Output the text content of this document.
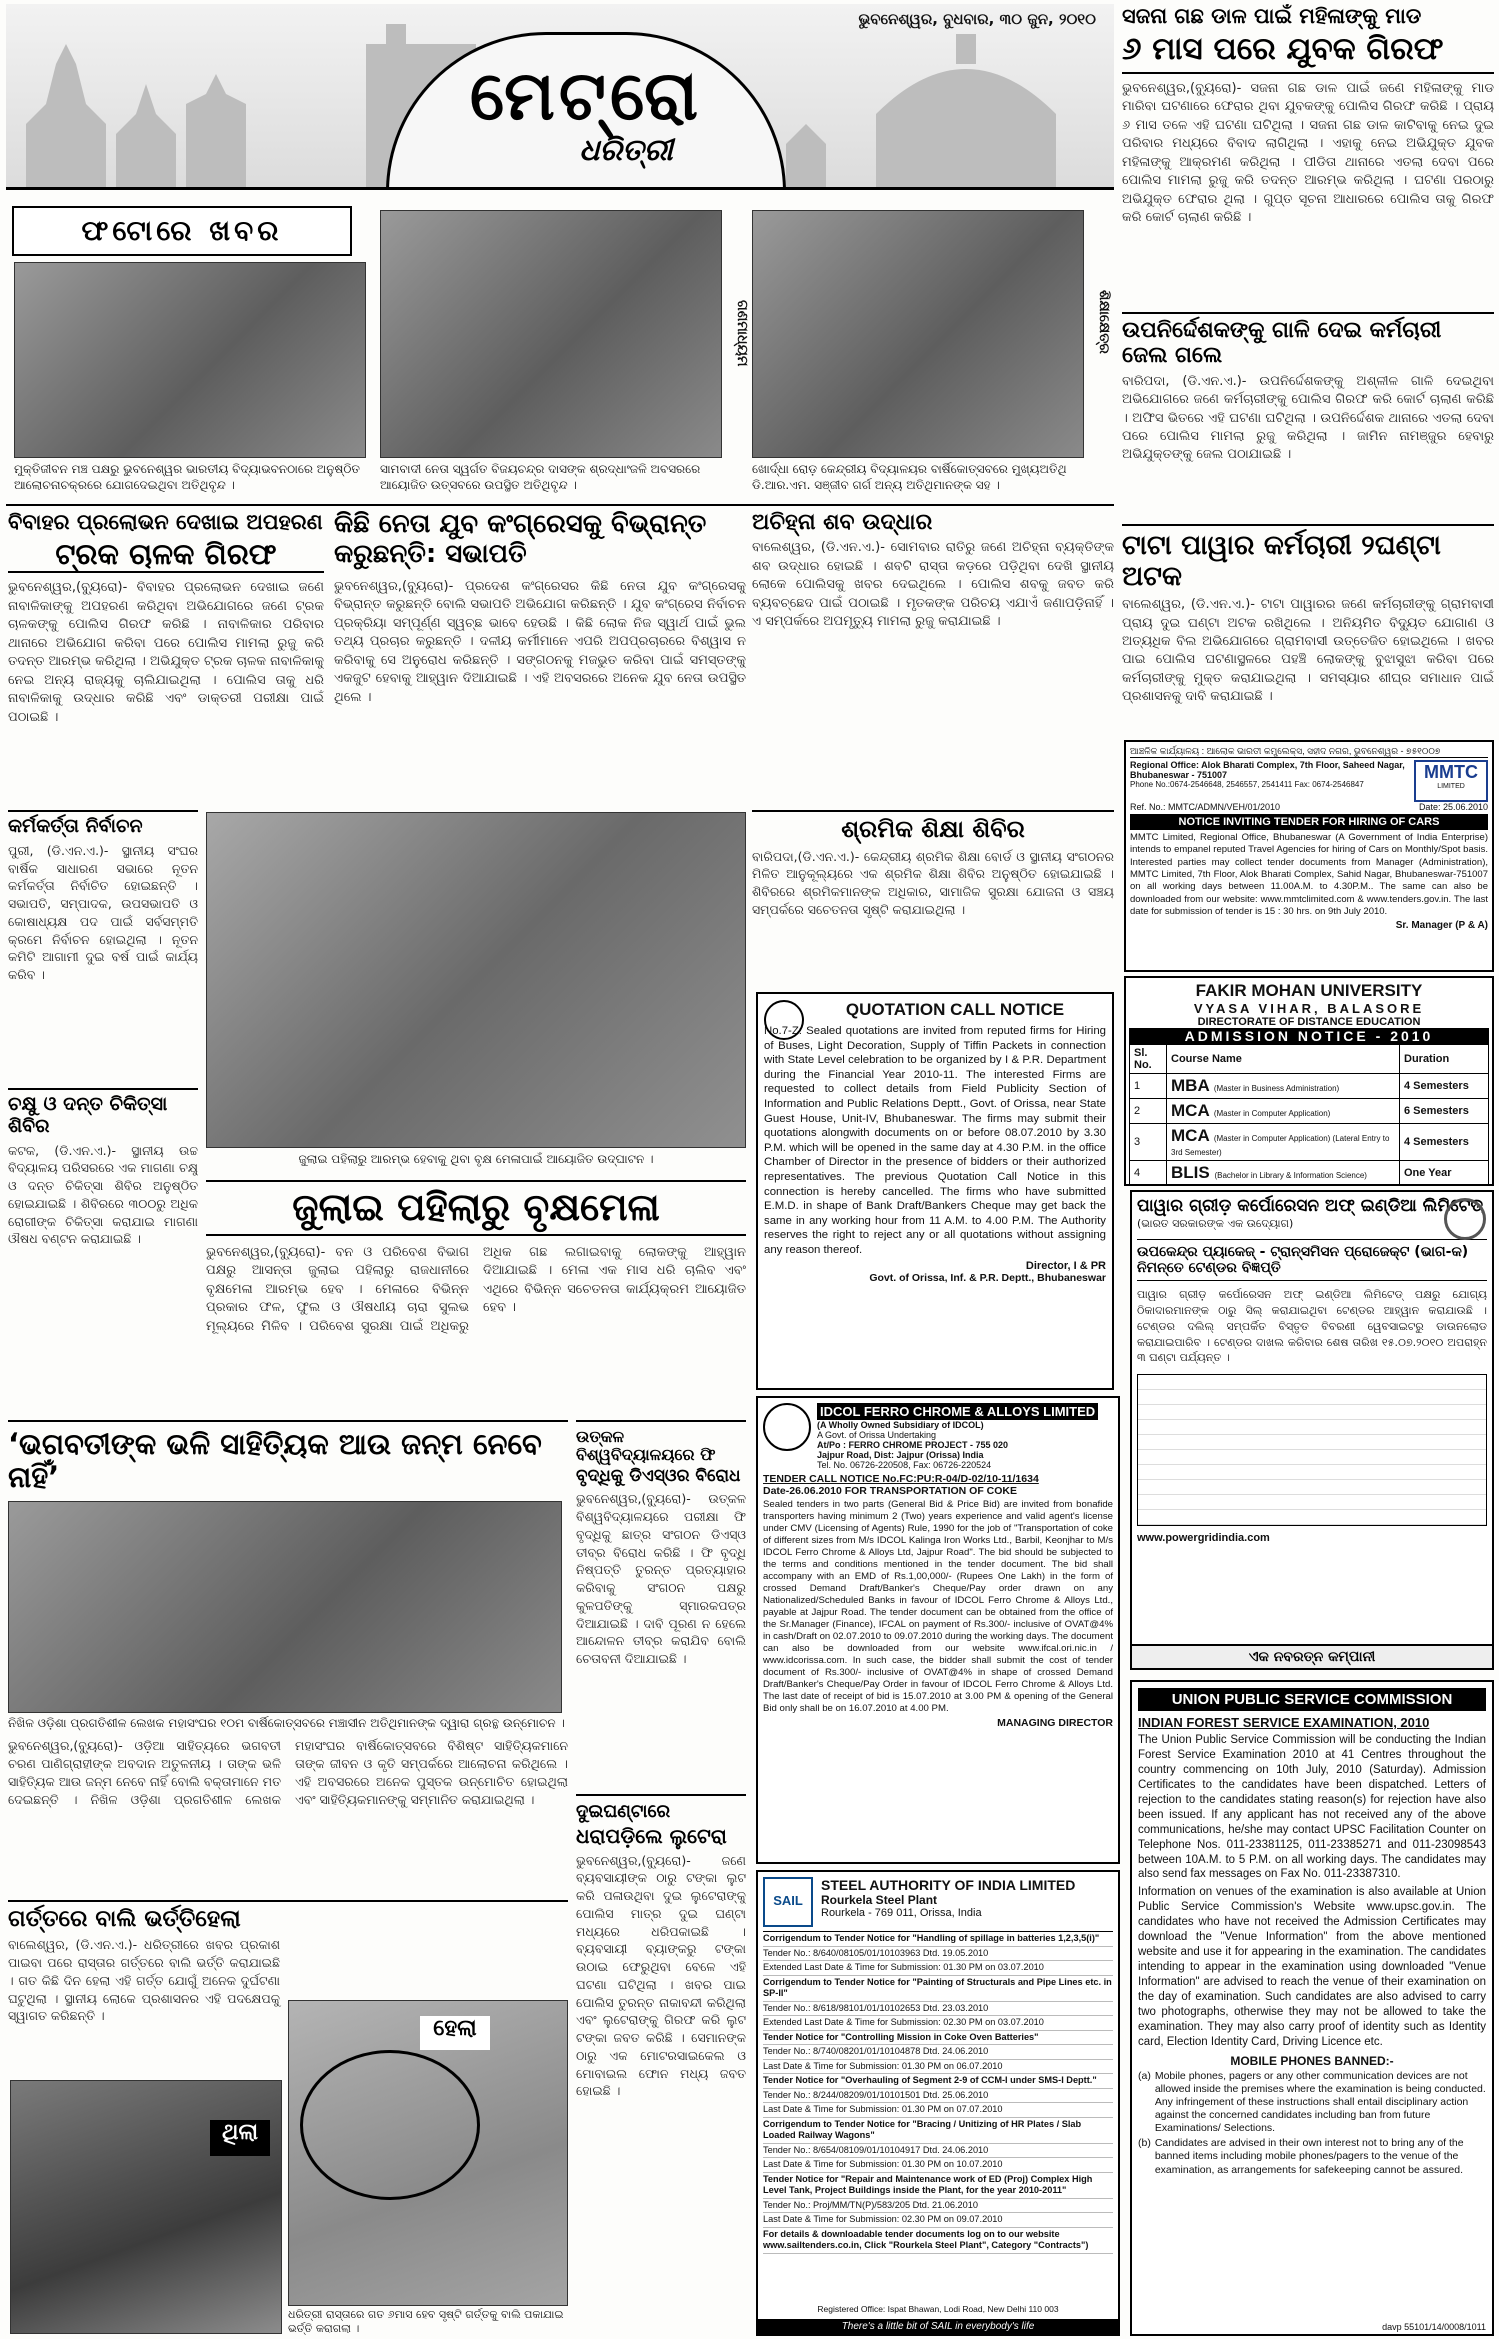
ଭୁବନେଶ୍ୱର, ବୁଧବାର, ୩୦ ଜୁନ, ୨୦୧୦
ମେଟ୍ରୋ
ଧରିତ୍ରୀ
ସଜନା ଗଛ ଡାଳ ପାଇଁ ମହିଳାଙ୍କୁ ମାଡ
୬ ମାସ ପରେ ଯୁବକ ଗିରଫ
ଭୁବନେଶ୍ୱର,(ବ୍ୟୁରୋ)- ସଜନା ଗଛ ଡାଳ ପାଇଁ ଜଣେ ମହିଳାଙ୍କୁ ମାଡ ମାରିବା ଘଟଣାରେ ଫେରାର ଥିବା ଯୁବକଙ୍କୁ ପୋଲିସ ଗିରଫ କରିଛି । ପ୍ରାୟ ୬ ମାସ ତଳେ ଏହି ଘଟଣା ଘଟିଥିଲା । ସଜନା ଗଛ ଡାଳ କାଟିବାକୁ ନେଇ ଦୁଇ ପରିବାର ମଧ୍ୟରେ ବିବାଦ ଲାଗିଥିଲା । ଏହାକୁ ନେଇ ଅଭିଯୁକ୍ତ ଯୁବକ ମହିଳାଙ୍କୁ ଆକ୍ରମଣ କରିଥିଲା । ପୀଡିତା ଥାନାରେ ଏତଲା ଦେବା ପରେ ପୋଲିସ ମାମଲା ରୁଜୁ କରି ତଦନ୍ତ ଆରମ୍ଭ କରିଥିଲା । ଘଟଣା ପରଠାରୁ ଅଭିଯୁକ୍ତ ଫେରାର ଥିଲା । ଗୁପ୍ତ ସୂଚନା ଆଧାରରେ ପୋଲିସ ତାକୁ ଗିରଫ କରି କୋର୍ଟ ଚାଲାଣ କରିଛି ।
ଫଟୋରେ ଖବର
ମୁକ୍ତିଜୀବନ ମଞ୍ଚ ପକ୍ଷରୁ ଭୁବନେଶ୍ୱର ଭାରତୀୟ ବିଦ୍ୟାଭବନଠାରେ ଅନୁଷ୍ଠିତ ଆଲୋଚନାଚକ୍ରରେ ଯୋଗଦେଇଥିବା ଅତିଥିବୃନ୍ଦ ।
ଗଣମାଧ୍ୟମ
ସାମବାଦୀ ନେତା ସ୍ୱର୍ଗତ ବିଜୟଚନ୍ଦ୍ର ଦାସଙ୍କ ଶ୍ରଦ୍ଧାଂଜଳି ଅବସରରେ ଆୟୋଜିତ ଉତ୍ସବରେ ଉପସ୍ଥିତ ଅତିଥିବୃନ୍ଦ ।
ଶିକ୍ଷାକ୍ଷେତ୍ର
ଖୋର୍ଦ୍ଧା ରୋଡ଼ କେନ୍ଦ୍ରୀୟ ବିଦ୍ୟାଳୟର ବାର୍ଷିକୋତ୍ସବରେ ମୁଖ୍ୟଅତିଥି ଡି.ଆର.ଏମ. ସଞ୍ଜୀବ ଗର୍ଗ ଅନ୍ୟ ଅତିଥିମାନଙ୍କ ସହ ।
ଉପନିର୍ଦ୍ଦେଶକଙ୍କୁ ଗାଳି ଦେଇ କର୍ମଚାରୀ ଜେଲ ଗଲେ
ବାରିପଦା, (ଡି.ଏନ.ଏ.)- ଉପନିର୍ଦ୍ଦେଶକଙ୍କୁ ଅଶ୍ଳୀଳ ଗାଳି ଦେଇଥିବା ଅଭିଯୋଗରେ ଜଣେ କର୍ମଚାରୀଙ୍କୁ ପୋଲିସ ଗିରଫ କରି କୋର୍ଟ ଚାଲାଣ କରିଛି । ଅଫିସ ଭିତରେ ଏହି ଘଟଣା ଘଟିଥିଲା । ଉପନିର୍ଦ୍ଦେଶକ ଥାନାରେ ଏତଲା ଦେବା ପରେ ପୋଲିସ ମାମଲା ରୁଜୁ କରିଥିଲା । ଜାମିନ ନାମଞ୍ଜୁର ହେବାରୁ ଅଭିଯୁକ୍ତଙ୍କୁ ଜେଲ ପଠାଯାଇଛି ।
ଟାଟା ପାୱାର କର୍ମଚାରୀ ୨ଘଣ୍ଟା ଅଟକ
ବାଲେଶ୍ୱର, (ଡି.ଏନ.ଏ.)- ଟାଟା ପାୱାରର ଜଣେ କର୍ମଚାରୀଙ୍କୁ ଗ୍ରାମବାସୀ ପ୍ରାୟ ଦୁଇ ଘଣ୍ଟା ଅଟକ ରଖିଥିଲେ । ଅନିୟମିତ ବିଦ୍ୟୁତ ଯୋଗାଣ ଓ ଅତ୍ୟଧିକ ବିଲ ଅଭିଯୋଗରେ ଗ୍ରାମବାସୀ ଉତ୍ତେଜିତ ହୋଇଥିଲେ । ଖବର ପାଇ ପୋଲିସ ଘଟଣାସ୍ଥଳରେ ପହଞ୍ଚି ଲୋକଙ୍କୁ ବୁଝାସୁଝା କରିବା ପରେ କର୍ମଚାରୀଙ୍କୁ ମୁକ୍ତ କରାଯାଇଥିଲା । ସମସ୍ୟାର ଶୀଘ୍ର ସମାଧାନ ପାଇଁ ପ୍ରଶାସନକୁ ଦାବି କରାଯାଇଛି ।
ଆଞ୍ଚଳିକ କାର୍ଯ୍ୟାଳୟ : ଆଲୋକ ଭାରତୀ କମ୍ପ୍ଲେକ୍ସ, ସହୀଦ ନଗର, ଭୁବନେଶ୍ୱର - ୭୫୧୦୦୭
Regional Office: Alok Bharati Complex, 7th Floor, Saheed Nagar, Bhubaneswar - 751007
Phone No.:0674-2546648, 2546557, 2541411 Fax: 0674-2546847
MMTC
LIMITED
Ref. No.: MMTC/ADMN/VEH/01/2010	Date: 25.06.2010
NOTICE INVITING TENDER FOR HIRING OF CARS
MMTC Limited, Regional Office, Bhubaneswar (A Government of India Enterprise) intends to empanel reputed Travel Agencies for hiring of Cars on Monthly/Spot basis. Interested parties may collect tender documents from Manager (Administration), MMTC Limited, 7th Floor, Alok Bharati Complex, Sahid Nagar, Bhubaneswar-751007 on all working days between 11.00A.M. to 4.30P.M.. The same can also be downloaded from our website: www.mmtclimited.com & www.tenders.gov.in. The last date for submission of tender is 15 : 30 hrs. on 9th July 2010.
Sr. Manager (P & A)
FAKIR MOHAN UNIVERSITY
VYASA VIHAR, BALASORE
DIRECTORATE OF DISTANCE EDUCATION
ADMISSION NOTICE - 2010
Sl. No.	Course Name	Duration
1	MBA (Master in Business Administration)	4 Semesters
2	MCA (Master in Computer Application)	6 Semesters
3	MCA (Master in Computer Application) (Lateral Entry to 3rd Semester)	4 Semesters
4	BLIS (Bachelor in Library & Information Science)	One Year
ପାୱାର ଗ୍ରୀଡ଼ କର୍ପୋରେସନ ଅଫ୍ ଇଣ୍ଡିଆ ଲିମିଟେଡ୍
(ଭାରତ ସରକାରଙ୍କ ଏକ ଉଦ୍ୟୋଗ)
ଉପକେନ୍ଦ୍ର ପ୍ୟାକେଜ୍ - ଟ୍ରାନ୍ସମିସନ ପ୍ରୋଜେକ୍ଟ (ଭାଗ-କ) ନିମନ୍ତେ ଟେଣ୍ଡର ବିଜ୍ଞପ୍ତି
ପାୱାର ଗ୍ରୀଡ଼ କର୍ପୋରେସନ ଅଫ୍ ଇଣ୍ଡିଆ ଲିମିଟେଡ୍ ପକ୍ଷରୁ ଯୋଗ୍ୟ ଠିକାଦାରମାନଙ୍କ ଠାରୁ ସିଲ୍ କରାଯାଇଥିବା ଟେଣ୍ଡର ଆହ୍ୱାନ କରାଯାଉଛି । ଟେଣ୍ଡର ଦଲିଲ୍ ସମ୍ପର୍କିତ ବିସ୍ତୃତ ବିବରଣୀ ୱେବସାଇଟରୁ ଡାଉନଲୋଡ କରାଯାଇପାରିବ । ଟେଣ୍ଡର ଦାଖଲ କରିବାର ଶେଷ ତାରିଖ ୧୫.୦୭.୨୦୧୦ ଅପରାହ୍ନ ୩ ଘଣ୍ଟା ପର୍ଯ୍ୟନ୍ତ ।
www.powergridindia.com
ଏକ ନବରତ୍ନ କମ୍ପାନୀ
UNION PUBLIC SERVICE COMMISSION
INDIAN FOREST SERVICE EXAMINATION, 2010
The Union Public Service Commission will be conducting the Indian Forest Service Examination 2010 at 41 Centres throughout the country commencing on 10th July, 2010 (Saturday). Admission Certificates to the candidates have been dispatched. Letters of rejection to the candidates stating reason(s) for rejection have also been issued. If any applicant has not received any of the above communications, he/she may contact UPSC Facilitation Counter on Telephone Nos. 011-23381125, 011-23385271 and 011-23098543 between 10A.M. to 5 P.M. on all working days. The candidates may also send fax messages on Fax No. 011-23387310.
Information on venues of the examination is also available at Union Public Service Commission's Website www.upsc.gov.in. The candidates who have not received the Admission Certificates may download the "Venue Information" from the above mentioned website and use it for appearing in the examination. The candidates intending to appear in the examination using downloaded "Venue Information" are advised to reach the venue of their examination on the day of examination. Such candidates are also advised to carry two photographs, otherwise they may not be allowed to take the examination. They may also carry proof of identity such as Identity card, Election Identity Card, Driving Licence etc.
MOBILE PHONES BANNED:-
(a) Mobile phones, pagers or any other communication devices are not allowed inside the premises where the examination is being conducted. Any infringement of these instructions shall entail disciplinary action against the concerned candidates including ban from future Examinations/ Selections.
(b) Candidates are advised in their own interest not to bring any of the banned items including mobile phones/pagers to the venue of the examination, as arrangements for safekeeping cannot be assured.
davp 55101/14/0008/1011
ବିବାହର ପ୍ରଲୋଭନ ଦେଖାଇ ଅପହରଣ
ଟ୍ରକ ଚାଳକ ଗିରଫ
ଭୁବନେଶ୍ୱର,(ବ୍ୟୁରୋ)- ବିବାହର ପ୍ରଲୋଭନ ଦେଖାଇ ଜଣେ ନାବାଳିକାଙ୍କୁ ଅପହରଣ କରିଥିବା ଅଭିଯୋଗରେ ଜଣେ ଟ୍ରକ ଚାଳକଙ୍କୁ ପୋଲିସ ଗିରଫ କରିଛି । ନାବାଳିକାର ପରିବାର ଥାନାରେ ଅଭିଯୋଗ କରିବା ପରେ ପୋଲିସ ମାମଲା ରୁଜୁ କରି ତଦନ୍ତ ଆରମ୍ଭ କରିଥିଲା । ଅଭିଯୁକ୍ତ ଟ୍ରକ ଚାଳକ ନାବାଳିକାକୁ ନେଇ ଅନ୍ୟ ରାଜ୍ୟକୁ ଚାଲିଯାଇଥିଲା । ପୋଲିସ ତାକୁ ଧରି ନାବାଳିକାକୁ ଉଦ୍ଧାର କରିଛି ଏବଂ ଡାକ୍ତରୀ ପରୀକ୍ଷା ପାଇଁ ପଠାଇଛି ।
କିଛି ନେତା ଯୁବ କଂଗ୍ରେସକୁ ବିଭ୍ରାନ୍ତ କରୁଛନ୍ତି: ସଭାପତି
ଭୁବନେଶ୍ୱର,(ବ୍ୟୁରୋ)- ପ୍ରଦେଶ କଂଗ୍ରେସର କିଛି ନେତା ଯୁବ କଂଗ୍ରେସକୁ ବିଭ୍ରାନ୍ତ କରୁଛନ୍ତି ବୋଲି ସଭାପତି ଅଭିଯୋଗ କରିଛନ୍ତି । ଯୁବ କଂଗ୍ରେସ ନିର୍ବାଚନ ପ୍ରକ୍ରିୟା ସମ୍ପୂର୍ଣ୍ଣ ସ୍ୱଚ୍ଛ ଭାବେ ହେଉଛି । କିଛି ଲୋକ ନିଜ ସ୍ୱାର୍ଥ ପାଇଁ ଭୁଲ ତଥ୍ୟ ପ୍ରଚାର କରୁଛନ୍ତି । ଦଳୀୟ କର୍ମୀମାନେ ଏପରି ଅପପ୍ରଚାରରେ ବିଶ୍ୱାସ ନ କରିବାକୁ ସେ ଅନୁରୋଧ କରିଛନ୍ତି । ସଙ୍ଗଠନକୁ ମଜଭୁତ କରିବା ପାଇଁ ସମସ୍ତଙ୍କୁ ଏକଜୁଟ ହେବାକୁ ଆହ୍ୱାନ ଦିଆଯାଇଛି । ଏହି ଅବସରରେ ଅନେକ ଯୁବ ନେତା ଉପସ୍ଥିତ ଥିଲେ ।
ଅଚିହ୍ନା ଶବ ଉଦ୍ଧାର
ବାଲେଶ୍ୱର, (ଡି.ଏନ.ଏ.)- ସୋମବାର ରାତିରୁ ଜଣେ ଅଚିହ୍ନା ବ୍ୟକ୍ତିଙ୍କ ଶବ ଉଦ୍ଧାର ହୋଇଛି । ଶବଟି ରାସ୍ତା କଡ଼ରେ ପଡ଼ିଥିବା ଦେଖି ସ୍ଥାନୀୟ ଲୋକେ ପୋଲିସକୁ ଖବର ଦେଇଥିଲେ । ପୋଲିସ ଶବକୁ ଜବତ କରି ବ୍ୟବଚ୍ଛେଦ ପାଇଁ ପଠାଇଛି । ମୃତକଙ୍କ ପରିଚୟ ଏଯାଏଁ ଜଣାପଡ଼ିନାହିଁ । ଏ ସମ୍ପର୍କରେ ଅପମୃତ୍ୟୁ ମାମଲା ରୁଜୁ କରାଯାଇଛି ।
କର୍ମକର୍ତ୍ତା ନିର୍ବାଚନ
ପୁରୀ, (ଡି.ଏନ.ଏ.)- ସ୍ଥାନୀୟ ସଂଘର ବାର୍ଷିକ ସାଧାରଣ ସଭାରେ ନୂତନ କର୍ମକର୍ତ୍ତା ନିର୍ବାଚିତ ହୋଇଛନ୍ତି । ସଭାପତି, ସମ୍ପାଦକ, ଉପସଭାପତି ଓ କୋଷାଧ୍ୟକ୍ଷ ପଦ ପାଇଁ ସର୍ବସମ୍ମତି କ୍ରମେ ନିର୍ବାଚନ ହୋଇଥିଲା । ନୂତନ କମିଟି ଆଗାମୀ ଦୁଇ ବର୍ଷ ପାଇଁ କାର୍ଯ୍ୟ କରିବ ।
ଚକ୍ଷୁ ଓ ଦନ୍ତ ଚିକିତ୍ସା ଶିବିର
କଟକ, (ଡି.ଏନ.ଏ.)- ସ୍ଥାନୀୟ ଉଚ୍ଚ ବିଦ୍ୟାଳୟ ପରିସରରେ ଏକ ମାଗଣା ଚକ୍ଷୁ ଓ ଦନ୍ତ ଚିକିତ୍ସା ଶିବିର ଅନୁଷ୍ଠିତ ହୋଇଯାଇଛି । ଶିବିରରେ ୩୦୦ରୁ ଅଧିକ ରୋଗୀଙ୍କ ଚିକିତ୍ସା କରାଯାଇ ମାଗଣା ଔଷଧ ବଣ୍ଟନ କରାଯାଇଛି ।
ଶ୍ରମିକ ଶିକ୍ଷା ଶିବିର
ବାରିପଦା,(ଡି.ଏନ.ଏ.)- କେନ୍ଦ୍ରୀୟ ଶ୍ରମିକ ଶିକ୍ଷା ବୋର୍ଡ ଓ ସ୍ଥାନୀୟ ସଂଗଠନର ମିଳିତ ଆନୁକୂଲ୍ୟରେ ଏକ ଶ୍ରମିକ ଶିକ୍ଷା ଶିବିର ଅନୁଷ୍ଠିତ ହୋଇଯାଇଛି । ଶିବିରରେ ଶ୍ରମିକମାନଙ୍କ ଅଧିକାର, ସାମାଜିକ ସୁରକ୍ଷା ଯୋଜନା ଓ ସଞ୍ଚୟ ସମ୍ପର୍କରେ ସଚେତନତା ସୃଷ୍ଟି କରାଯାଇଥିଲା ।
ଜୁଲାଇ ପହିଲାରୁ ଆରମ୍ଭ ହେବାକୁ ଥିବା ବୃକ୍ଷ ମେଳାପାଇଁ ଆୟୋଜିତ ଉଦ୍‌ଘାଟନ ।
QUOTATION CALL NOTICE
No.7-Z: Sealed quotations are invited from reputed firms for Hiring of Buses, Light Decoration, Supply of Tiffin Packets in connection with State Level celebration to be organized by I & P.R. Department during the Financial Year 2010-11. The interested Firms are requested to collect details from Field Publicity Section of Information and Public Relations Deptt., Govt. of Orissa, near State Guest House, Unit-IV, Bhubaneswar. The firms may submit their quotations alongwith documents on or before 08.07.2010 by 3.30 P.M. which will be opened in the same day at 4.30 P.M. in the office Chamber of Director in the presence of bidders or their authorized representatives. The previous Quotation Call Notice in this connection is hereby cancelled. The firms who have submitted E.M.D. in shape of Bank Draft/Bankers Cheque may get back the same in any working hour from 11 A.M. to 4.00 P.M. The Authority reserves the right to reject any or all quotations without assigning any reason thereof.
Director, I & PR
Govt. of Orissa, Inf. & P.R. Deptt., Bhubaneswar
ଜୁଲାଇ ପହିଲାରୁ ବୃକ୍ଷମେଳା
ଭୁବନେଶ୍ୱର,(ବ୍ୟୁରୋ)- ବନ ଓ ପରିବେଶ ବିଭାଗ ପକ୍ଷରୁ ଆସନ୍ତା ଜୁଲାଇ ପହିଲାରୁ ରାଜଧାନୀରେ ବୃକ୍ଷମେଳା ଆରମ୍ଭ ହେବ । ମେଳାରେ ବିଭିନ୍ନ ପ୍ରକାର ଫଳ, ଫୁଲ ଓ ଔଷଧୀୟ ଚାରା ସୁଲଭ ମୂଲ୍ୟରେ ମିଳିବ । ପରିବେଶ ସୁରକ୍ଷା ପାଇଁ ଅଧିକରୁ ଅଧିକ ଗଛ ଲଗାଇବାକୁ ଲୋକଙ୍କୁ ଆହ୍ୱାନ ଦିଆଯାଇଛି । ମେଳା ଏକ ମାସ ଧରି ଚାଲିବ ଏବଂ ଏଥିରେ ବିଭିନ୍ନ ସଚେତନତା କାର୍ଯ୍ୟକ୍ରମ ଆୟୋଜିତ ହେବ ।
‘ଭଗବତୀଙ୍କ ଭଳି ସାହିତ୍ୟିକ ଆଉ ଜନ୍ମ ନେବେ ନାହିଁ’
ନିଖିଳ ଓଡ଼ିଶା ପ୍ରଗତିଶୀଳ ଲେଖକ ମହାସଂଘର ୧୦ମ ବାର୍ଷିକୋତ୍ସବରେ ମଞ୍ଚାସୀନ ଅତିଥିମାନଙ୍କ ଦ୍ୱାରା ଗ୍ରନ୍ଥ ଉନ୍ମୋଚନ ।
ଭୁବନେଶ୍ୱର,(ବ୍ୟୁରୋ)- ଓଡ଼ିଆ ସାହିତ୍ୟରେ ଭଗବତୀ ଚରଣ ପାଣିଗ୍ରାହୀଙ୍କ ଅବଦାନ ଅତୁଳନୀୟ । ତାଙ୍କ ଭଳି ସାହିତ୍ୟିକ ଆଉ ଜନ୍ମ ନେବେ ନାହିଁ ବୋଲି ବକ୍ତାମାନେ ମତ ଦେଇଛନ୍ତି । ନିଖିଳ ଓଡ଼ିଶା ପ୍ରଗତିଶୀଳ ଲେଖକ ମହାସଂଘର ବାର୍ଷିକୋତ୍ସବରେ ବିଶିଷ୍ଟ ସାହିତ୍ୟିକମାନେ ତାଙ୍କ ଜୀବନ ଓ କୃତି ସମ୍ପର୍କରେ ଆଲୋଚନା କରିଥିଲେ । ଏହି ଅବସରରେ ଅନେକ ପୁସ୍ତକ ଉନ୍ମୋଚିତ ହୋଇଥିଲା ଏବଂ ସାହିତ୍ୟିକମାନଙ୍କୁ ସମ୍ମାନିତ କରାଯାଇଥିଲା ।
ଉତ୍କଳ ବିଶ୍ୱବିଦ୍ୟାଳୟରେ ଫି
ବୃଦ୍ଧିକୁ ଡିଏସ୍‌ଓର ବିରୋଧ
ଭୁବନେଶ୍ୱର,(ବ୍ୟୁରୋ)- ଉତ୍କଳ ବିଶ୍ୱବିଦ୍ୟାଳୟରେ ପରୀକ୍ଷା ଫି ବୃଦ୍ଧିକୁ ଛାତ୍ର ସଂଗଠନ ଡିଏସ୍‌ଓ ତୀବ୍ର ବିରୋଧ କରିଛି । ଫି ବୃଦ୍ଧି ନିଷ୍ପତ୍ତି ତୁରନ୍ତ ପ୍ରତ୍ୟାହାର କରିବାକୁ ସଂଗଠନ ପକ୍ଷରୁ କୁଳପତିଙ୍କୁ ସ୍ମାରକପତ୍ର ଦିଆଯାଇଛି । ଦାବି ପୂରଣ ନ ହେଲେ ଆନ୍ଦୋଳନ ତୀବ୍ର କରାଯିବ ବୋଲି ଚେତାବନୀ ଦିଆଯାଇଛି ।
ଦୁଇଘଣ୍ଟାରେ
ଧରାପଡ଼ିଲେ ଲୁଟେରା
ଭୁବନେଶ୍ୱର,(ବ୍ୟୁରୋ)- ଜଣେ ବ୍ୟବସାୟୀଙ୍କ ଠାରୁ ଟଙ୍କା ଲୁଟ କରି ପଳାଉଥିବା ଦୁଇ ଲୁଟେରାଙ୍କୁ ପୋଲିସ ମାତ୍ର ଦୁଇ ଘଣ୍ଟା ମଧ୍ୟରେ ଧରିପକାଇଛି । ବ୍ୟବସାୟୀ ବ୍ୟାଙ୍କରୁ ଟଙ୍କା ଉଠାଇ ଫେରୁଥିବା ବେଳେ ଏହି ଘଟଣା ଘଟିଥିଲା । ଖବର ପାଇ ପୋଲିସ ତୁରନ୍ତ ନାକାବନ୍ଦୀ କରିଥିଲା ଏବଂ ଲୁଟେରାଙ୍କୁ ଗିରଫ କରି ଲୁଟ ଟଙ୍କା ଜବତ କରିଛି । ସେମାନଙ୍କ ଠାରୁ ଏକ ମୋଟରସାଇକେଲ ଓ ମୋବାଇଲ ଫୋନ ମଧ୍ୟ ଜବତ ହୋଇଛି ।
ଗର୍ତ୍ତରେ ବାଲି ଭର୍ତ୍ତିହେଲା
ବାଲେଶ୍ୱର, (ଡି.ଏନ.ଏ.)- ଧରିତ୍ରୀରେ ଖବର ପ୍ରକାଶ ପାଇବା ପରେ ରାସ୍ତାର ଗର୍ତ୍ତରେ ବାଲି ଭର୍ତ୍ତି କରାଯାଇଛି । ଗତ କିଛି ଦିନ ହେଲା ଏହି ଗର୍ତ୍ତ ଯୋଗୁଁ ଅନେକ ଦୁର୍ଘଟଣା ଘଟୁଥିଲା । ସ୍ଥାନୀୟ ଲୋକେ ପ୍ରଶାସନର ଏହି ପଦକ୍ଷେପକୁ ସ୍ୱାଗତ କରିଛନ୍ତି ।
ଥିଲା
ହେଲା
ଧରିତ୍ରୀ ରାସ୍ତାରେ ଗତ ୬ମାସ ହେବ ସୃଷ୍ଟି ଗର୍ତ୍ତକୁ ବାଲି ପକାଯାଇ ଭର୍ତ୍ତି କରାଗଲା ।
IDCOL FERRO CHROME & ALLOYS LIMITED
(A Wholly Owned Subsidiary of IDCOL)
A Govt. of Orissa Undertaking
At/Po : FERRO CHROME PROJECT - 755 020
Jajpur Road, Dist: Jajpur (Orissa) India
Tel. No. 06726-220508, Fax: 06726-220524
TENDER CALL NOTICE No.FC:PU:R-04/D-02/10-11/1634
Date-26.06.2010 FOR TRANSPORTATION OF COKE
Sealed tenders in two parts (General Bid & Price Bid) are invited from bonafide transporters having minimum 2 (Two) years experience and valid agent's license under CMV (Licensing of Agents) Rule, 1990 for the job of "Transportation of coke of different sizes from M/s IDCOL Kalinga Iron Works Ltd., Barbil, Keonjhar to M/s IDCOL Ferro Chrome & Alloys Ltd, Jajpur Road". The bid should be subjected to the terms and conditions mentioned in the tender document. The bid shall accompany with an EMD of Rs.1,00,000/- (Rupees One Lakh) in the form of crossed Demand Draft/Banker's Cheque/Pay order drawn on any Nationalized/Scheduled Banks in favour of IDCOL Ferro Chrome & Alloys Ltd., payable at Jajpur Road. The tender document can be obtained from the office of the Sr.Manager (Finance), IFCAL on payment of Rs.300/- inclusive of OVAT@4% in cash/Draft on 02.07.2010 to 09.07.2010 during the working days. The document can also be downloaded from our website www.ifcal.ori.nic.in / www.idcorissa.com. In such case, the bidder shall submit the cost of tender document of Rs.300/- inclusive of OVAT@4% in shape of crossed Demand Draft/Banker's Cheque/Pay Order in favour of IDCOL Ferro Chrome & Alloys Ltd. The last date of receipt of bid is 15.07.2010 at 3.00 PM & opening of the General Bid only shall be on 16.07.2010 at 4.00 PM.
MANAGING DIRECTOR
SAIL
STEEL AUTHORITY OF INDIA LIMITED
Rourkela Steel Plant
Rourkela - 769 011, Orissa, India
Corrigendum to Tender Notice for "Handling of spillage in batteries 1,2,3,5(i)"
Tender No.: 8/640/08105/01/10103963 Dtd. 19.05.2010
Extended Last Date & Time for Submission: 01.30 PM on 03.07.2010
Corrigendum to Tender Notice for "Painting of Structurals and Pipe Lines etc. in SP-II"
Tender No.: 8/618/98101/01/10102653 Dtd. 23.03.2010
Extended Last Date & Time for Submission: 02.30 PM on 03.07.2010
Tender Notice for "Controlling Mission in Coke Oven Batteries"
Tender No.: 8/740/08201/01/10104878 Dtd. 24.06.2010
Last Date & Time for Submission: 01.30 PM on 06.07.2010
Tender Notice for "Overhauling of Segment 2-9 of CCM-I under SMS-I Deptt."
Tender No.: 8/244/08209/01/10101501 Dtd. 25.06.2010
Last Date & Time for Submission: 01.30 PM on 07.07.2010
Corrigendum to Tender Notice for "Bracing / Unitizing of HR Plates / Slab Loaded Railway Wagons"
Tender No.: 8/654/08109/01/10104917 Dtd. 24.06.2010
Last Date & Time for Submission: 01.30 PM on 10.07.2010
Tender Notice for "Repair and Maintenance work of ED (Proj) Complex High Level Tank, Project Buildings inside the Plant, for the year 2010-2011"
Tender No.: Proj/MM/TN(P)/583/205 Dtd. 21.06.2010
Last Date & Time for Submission: 02.30 PM on 09.07.2010
For details & downloadable tender documents log on to our website www.sailtenders.co.in, Click "Rourkela Steel Plant", Category "Contracts")
Registered Office: Ispat Bhawan, Lodi Road, New Delhi 110 003
There's a little bit of SAIL in everybody's life
